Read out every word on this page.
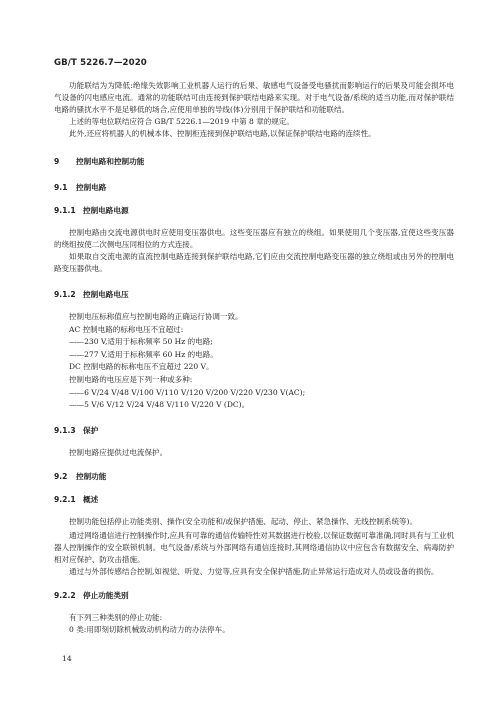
GB/T 5226.7—2020

功能联结为为降低:绝缘失效影响工业机器人运行的后果、敏感电气设备受电骚扰而影响运行的后果及可能会损坏电气设备的闪电感应电流。通常的功能联结可由连接到保护联结电路来实现。对于电气设备/系统的适当功能,而对保护联结电路的骚扰水平不是足够低的场合,应使用单独的导线(体)分别用于保护联结和功能联结。

上述的等电位联结应符合 GB/T 5226.1—2019 中第 8 章的规定。

此外,还应将机器人的机械本体、控制柜连接到保护联结电路,以保证保护联结电路的连续性。

9 控制电路和控制功能
9.1 控制电路
9.1.1 控制电路电源

控制电路由交流电源供电时应使用变压器供电。这些变压器应有独立的绕组。如果使用几个变压器,宜使这些变压器的绕组按使二次侧电压同相位的方式连接。

如果取自交流电源的直流控制电路连接到保护联结电路,它们应由交流控制电路变压器的独立绕组或由另外的控制电路变压器供电。

9.1.2 控制电路电压

控制电压标称值应与控制电路的正确运行协调一致。

AC 控制电路的标称电压不宜超过:

——230 V,适用于标称频率 50 Hz 的电路;

——277 V,适用于标称频率 60 Hz 的电路。

DC 控制电路的标称电压不宜超过 220 V。

控制电路的电压应是下列一种或多种:

——6 V/24 V/48 V/100 V/110 V/120 V/200 V/220 V/230 V(AC);

——5 V/6 V/12 V/24 V/48 V/110 V/220 V (DC)。

9.1.3 保护

控制电路应提供过电流保护。

9.2 控制功能
9.2.1 概述

控制功能包括停止功能类别、操作(安全功能和/或保护措施、起动、停止、紧急操作、无线控制系统等)。

通过网络通信进行控制操作时,应具有可靠的通信传输特性对其数据进行校验,以保证数据可靠准确,同时具有与工业机器人控制操作的安全联锁机制。电气设备/系统与外部网络有通信连接时,其网络通信协议中应包含有数据安全、病毒防护相对应保护、防攻击措施。

通过与外部传感结合控制,如视觉、听觉、力觉等,应具有安全保护措施,防止异常运行造成对人员或设备的损伤。

9.2.2 停止功能类别

有下列三种类别的停止功能:

0 类:用即刻切除机械致动机构动力的办法停车。

14
